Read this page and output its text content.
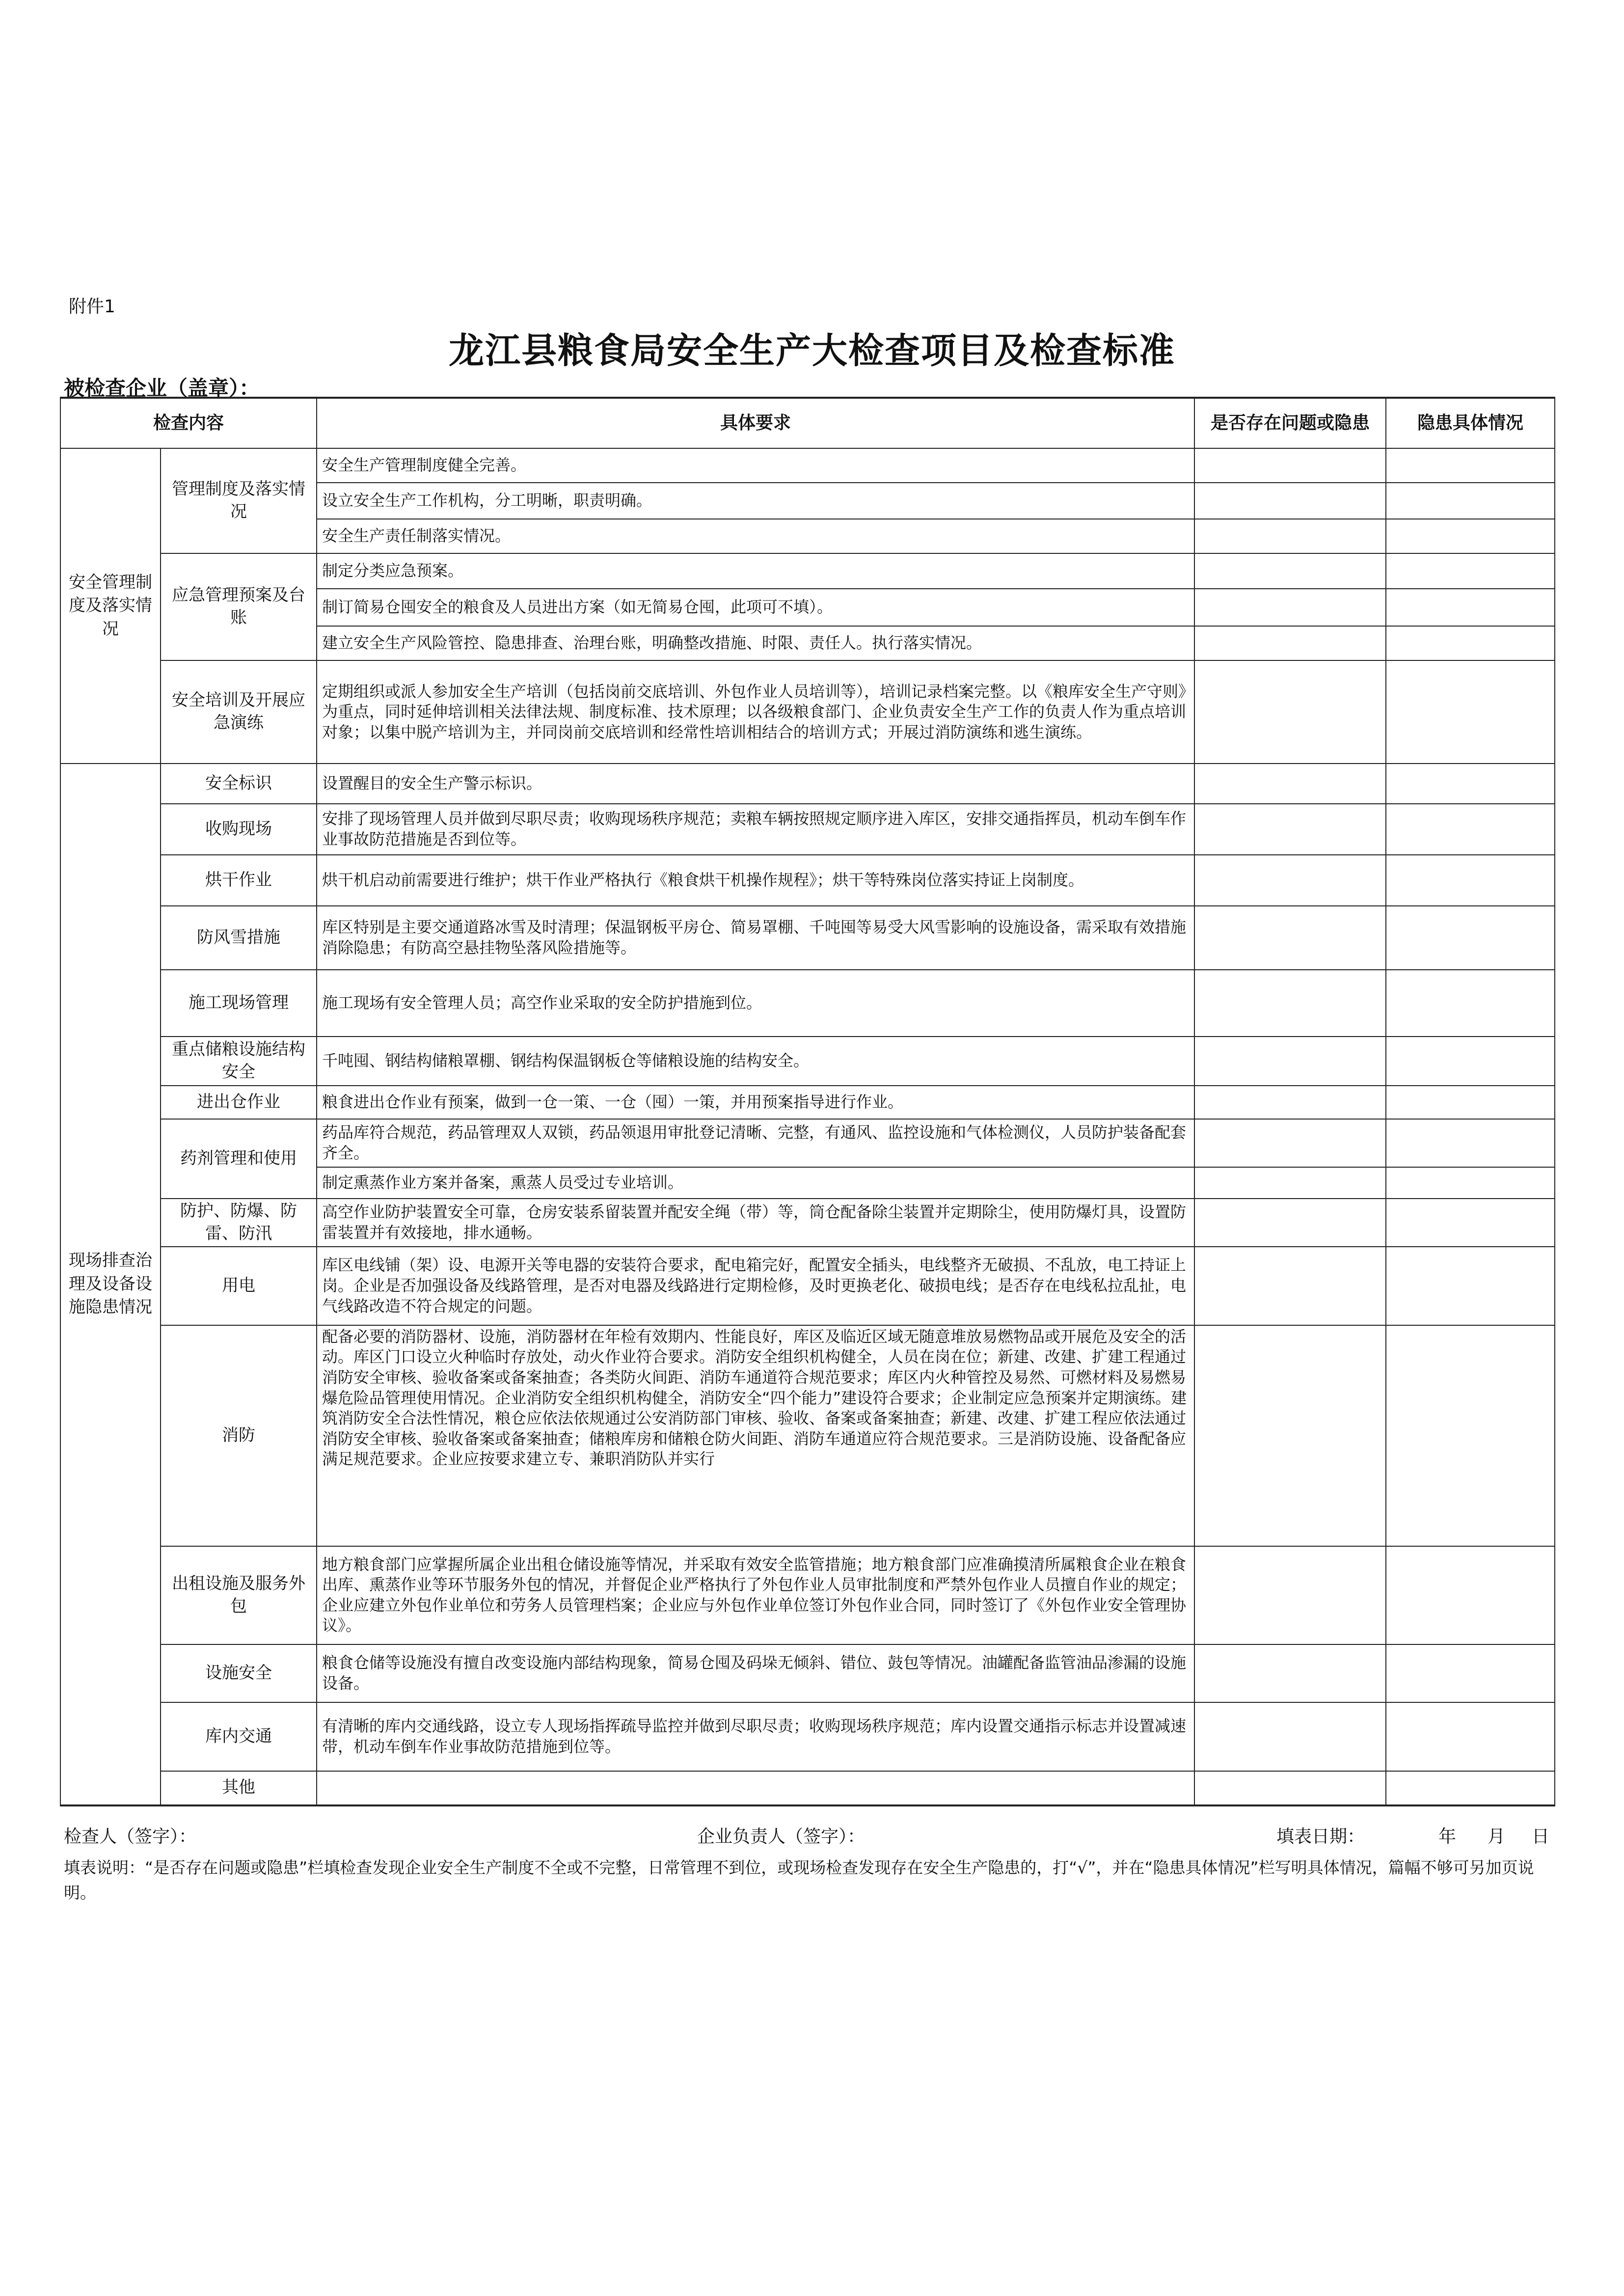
附件1
龙江县粮食局安全生产大检查项目及检查标准
被检查企业（盖章）：
检查内容		具体要求	是否存在问题或隐患	隐患具体情况
安全管理制度及落实情况	管理制度及落实情况	安全生产管理制度健全完善。		
		设立安全生产工作机构，分工明晰，职责明确。		
		安全生产责任制落实情况。		
	应急管理预案及台账	制定分类应急预案。		
		制订简易仓囤安全的粮食及人员进出方案（如无简易仓囤，此项可不填）。		
		建立安全生产风险管控、隐患排查、治理台账，明确整改措施、时限、责任人。执行落实情况。		
	安全培训及开展应急演练	定期组织或派人参加安全生产培训（包括岗前交底培训、外包作业人员培训等），培训记录档案完整。以《粮库安全生产守则》为重点，同时延伸培训相关法律法规、制度标准、技术原理；以各级粮食部门、企业负责安全生产工作的负责人作为重点培训对象；以集中脱产培训为主，并同岗前交底培训和经常性培训相结合的培训方式；开展过消防演练和逃生演练。		
现场排查治理及设备设施隐患情况	安全标识	设置醒目的安全生产警示标识。		
	收购现场	安排了现场管理人员并做到尽职尽责；收购现场秩序规范；卖粮车辆按照规定顺序进入库区，安排交通指挥员，机动车倒车作业事故防范措施是否到位等。		
	烘干作业	烘干机启动前需要进行维护；烘干作业严格执行《粮食烘干机操作规程》；烘干等特殊岗位落实持证上岗制度。		
	防风雪措施	库区特别是主要交通道路冰雪及时清理；保温钢板平房仓、简易罩棚、千吨囤等易受大风雪影响的设施设备，需采取有效措施消除隐患；有防高空悬挂物坠落风险措施等。		
	施工现场管理	施工现场有安全管理人员；高空作业采取的安全防护措施到位。		
	重点储粮设施结构安全	千吨囤、钢结构储粮罩棚、钢结构保温钢板仓等储粮设施的结构安全。		
	进出仓作业	粮食进出仓作业有预案，做到一仓一策、一仓（囤）一策，并用预案指导进行作业。		
	药剂管理和使用	药品库符合规范，药品管理双人双锁，药品领退用审批登记清晰、完整，有通风、监控设施和气体检测仪，人员防护装备配套齐全。		
		制定熏蒸作业方案并备案，熏蒸人员受过专业培训。		
	防护、防爆、防雷、防汛	高空作业防护装置安全可靠，仓房安装系留装置并配安全绳（带）等，筒仓配备除尘装置并定期除尘，使用防爆灯具，设置防雷装置并有效接地，排水通畅。		
	用电	库区电线铺（架）设、电源开关等电器的安装符合要求，配电箱完好，配置安全插头，电线整齐无破损、不乱放，电工持证上岗。企业是否加强设备及线路管理，是否对电器及线路进行定期检修，及时更换老化、破损电线；是否存在电线私拉乱扯，电气线路改造不符合规定的问题。		
	消防	配备必要的消防器材、设施，消防器材在年检有效期内、性能良好，库区及临近区域无随意堆放易燃物品或开展危及安全的活动。库区门口设立火种临时存放处，动火作业符合要求。消防安全组织机构健全，人员在岗在位；新建、改建、扩建工程通过消防安全审核、验收备案或备案抽查；各类防火间距、消防车通道符合规范要求；库区内火种管控及易然、可燃材料及易燃易爆危险品管理使用情况。企业消防安全组织机构健全，消防安全“四个能力”建设符合要求；企业制定应急预案并定期演练。建筑消防安全合法性情况，粮仓应依法依规通过公安消防部门审核、验收、备案或备案抽查；新建、改建、扩建工程应依法通过消防安全审核、验收备案或备案抽查；储粮库房和储粮仓防火间距、消防车通道应符合规范要求。三是消防设施、设备配备应满足规范要求。企业应按要求建立专、兼职消防队并实行		
	出租设施及服务外包	地方粮食部门应掌握所属企业出租仓储设施等情况，并采取有效安全监管措施；地方粮食部门应准确摸清所属粮食企业在粮食出库、熏蒸作业等环节服务外包的情况，并督促企业严格执行了外包作业人员审批制度和严禁外包作业人员擅自作业的规定；企业应建立外包作业单位和劳务人员管理档案；企业应与外包作业单位签订外包作业合同，同时签订了《外包作业安全管理协议》。		
	设施安全	粮食仓储等设施没有擅自改变设施内部结构现象，简易仓囤及码垛无倾斜、错位、鼓包等情况。油罐配备监管油品渗漏的设施设备。		
	库内交通	有清晰的库内交通线路，设立专人现场指挥疏导监控并做到尽职尽责；收购现场秩序规范；库内设置交通指示标志并设置减速带，机动车倒车作业事故防范措施到位等。		
	其他			
检查人（签字）：	企业负责人（签字）：	填表日期：	年 月 日
填表说明：“是否存在问题或隐患”栏填检查发现企业安全生产制度不全或不完整，日常管理不到位，或现场检查发现存在安全生产隐患的，打“√”，并在“隐患具体情况”栏写明具体情况，篇幅不够可另加页说明。
